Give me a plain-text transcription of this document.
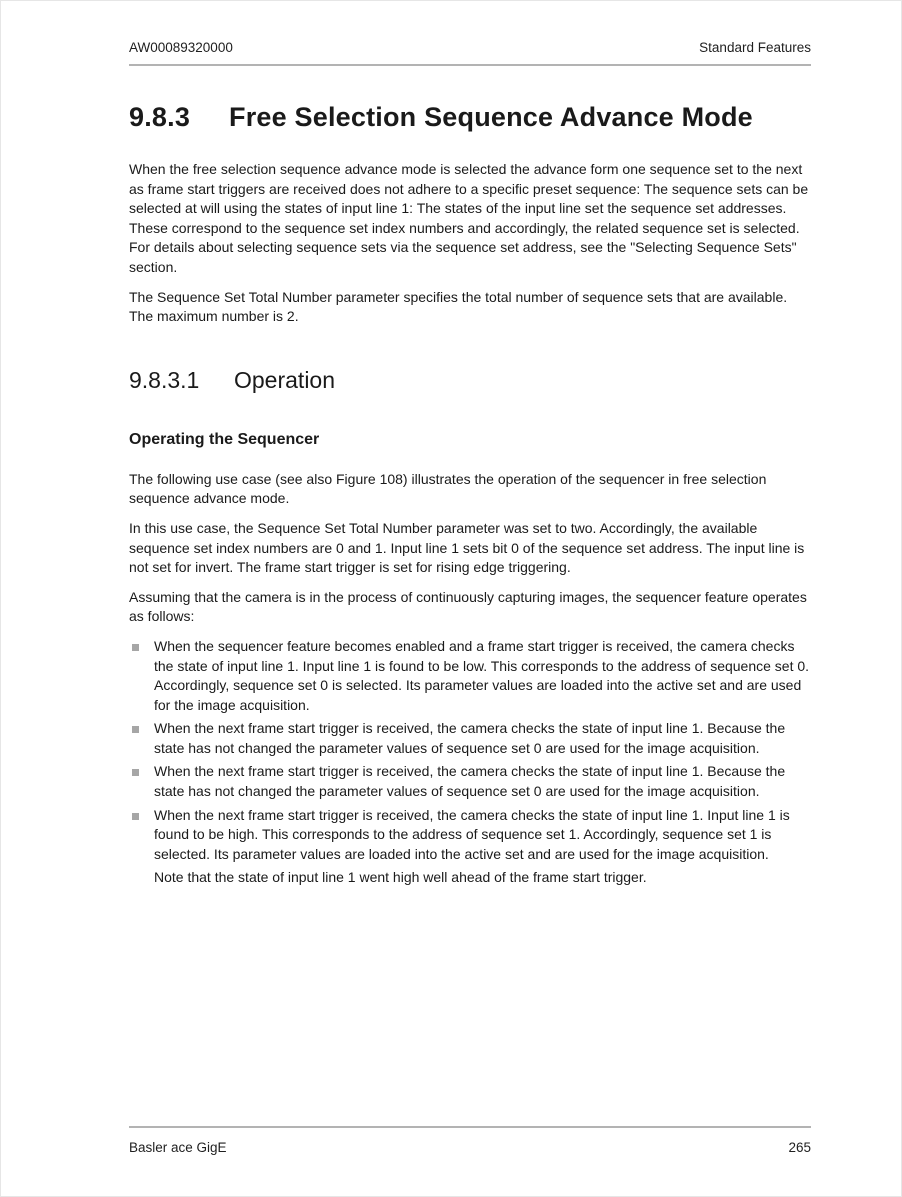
AW00089320000	Standard Features
9.8.3 Free Selection Sequence Advance Mode

When the free selection sequence advance mode is selected the advance form one sequence set to the next as frame start triggers are received does not adhere to a specific preset sequence: The sequence sets can be selected at will using the states of input line 1: The states of the input line set the sequence set addresses. These correspond to the sequence set index numbers and accordingly, the related sequence set is selected. For details about selecting sequence sets via the sequence set address, see the "Selecting Sequence Sets" section.

The Sequence Set Total Number parameter specifies the total number of sequence sets that are available. The maximum number is 2.

9.8.3.1 Operation
Operating the Sequencer

The following use case (see also Figure 108) illustrates the operation of the sequencer in free selection sequence advance mode.

In this use case, the Sequence Set Total Number parameter was set to two. Accordingly, the available sequence set index numbers are 0 and 1. Input line 1 sets bit 0 of the sequence set address. The input line is not set for invert. The frame start trigger is set for rising edge triggering.

Assuming that the camera is in the process of continuously capturing images, the sequencer feature operates as follows:

When the sequencer feature becomes enabled and a frame start trigger is received, the camera checks the state of input line 1. Input line 1 is found to be low. This corresponds to the address of sequence set 0. Accordingly, sequence set 0 is selected. Its parameter values are loaded into the active set and are used for the image acquisition.
When the next frame start trigger is received, the camera checks the state of input line 1. Because the state has not changed the parameter values of sequence set 0 are used for the image acquisition.
When the next frame start trigger is received, the camera checks the state of input line 1. Because the state has not changed the parameter values of sequence set 0 are used for the image acquisition.
When the next frame start trigger is received, the camera checks the state of input line 1. Input line 1 is found to be high. This corresponds to the address of sequence set 1. Accordingly, sequence set 1 is selected. Its parameter values are loaded into the active set and are used for the image acquisition.
Note that the state of input line 1 went high well ahead of the frame start trigger.
Basler ace GigE	265
